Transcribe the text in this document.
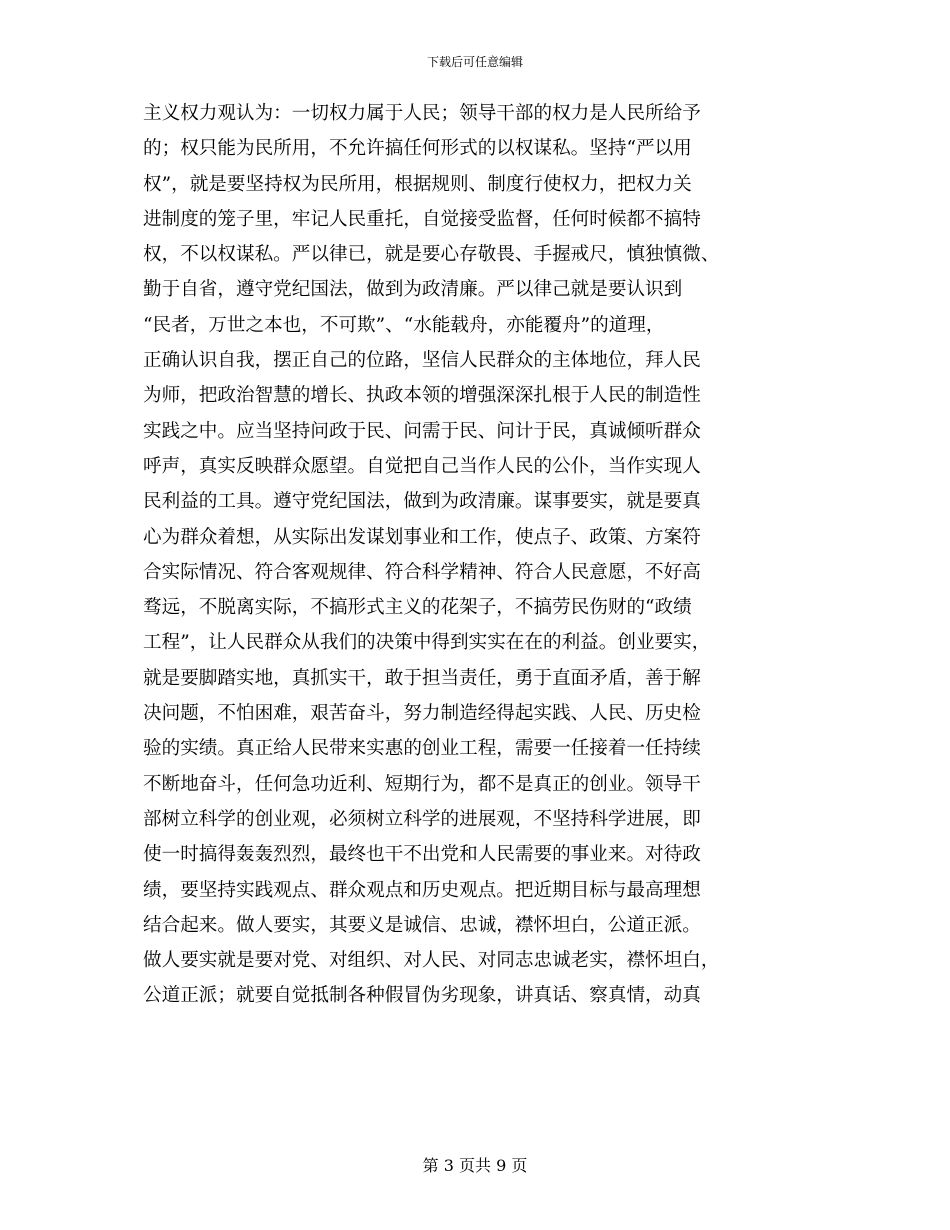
下载后可任意编辑
主义权力观认为：一切权力属于人民；领导干部的权力是人民所给予
的；权只能为民所用，不允许搞任何形式的以权谋私。坚持“严以用
权”，就是要坚持权为民所用，根据规则、制度行使权力，把权力关
进制度的笼子里，牢记人民重托，自觉接受监督，任何时候都不搞特
权，不以权谋私。严以律已，就是要心存敬畏、手握戒尺，慎独慎微、
勤于自省，遵守党纪国法，做到为政清廉。严以律己就是要认识到
“民者，万世之本也，不可欺”、“水能载舟，亦能覆舟”的道理，
正确认识自我，摆正自己的位路，坚信人民群众的主体地位，拜人民
为师，把政治智慧的增长、执政本领的增强深深扎根于人民的制造性
实践之中。应当坚持问政于民、问需于民、问计于民，真诚倾听群众
呼声，真实反映群众愿望。自觉把自己当作人民的公仆，当作实现人
民利益的工具。遵守党纪国法，做到为政清廉。谋事要实，就是要真
心为群众着想，从实际出发谋划事业和工作，使点子、政策、方案符
合实际情况、符合客观规律、符合科学精神、符合人民意愿，不好高
骛远，不脱离实际，不搞形式主义的花架子，不搞劳民伤财的“政绩
工程”，让人民群众从我们的决策中得到实实在在的利益。创业要实，
就是要脚踏实地，真抓实干，敢于担当责任，勇于直面矛盾，善于解
决问题，不怕困难，艰苦奋斗，努力制造经得起实践、人民、历史检
验的实绩。真正给人民带来实惠的创业工程，需要一任接着一任持续
不断地奋斗，任何急功近利、短期行为，都不是真正的创业。领导干
部树立科学的创业观，必须树立科学的进展观，不坚持科学进展，即
使一时搞得轰轰烈烈，最终也干不出党和人民需要的事业来。对待政
绩，要坚持实践观点、群众观点和历史观点。把近期目标与最高理想
结合起来。做人要实，其要义是诚信、忠诚，襟怀坦白，公道正派。
做人要实就是要对党、对组织、对人民、对同志忠诚老实，襟怀坦白，
公道正派；就要自觉抵制各种假冒伪劣现象，讲真话、察真情，动真
第 3 页共 9 页
